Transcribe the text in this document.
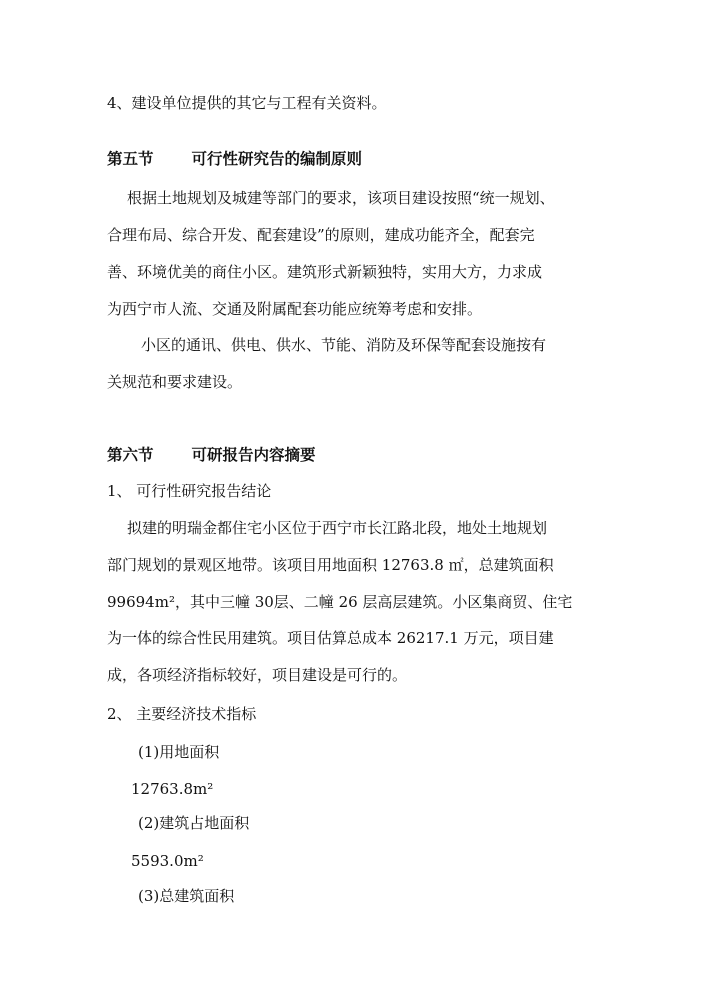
4、建设单位提供的其它与工程有关资料。
第五节 可行性研究告的编制原则
根据土地规划及城建等部门的要求，该项目建设按照“统一规划、
合理布局、综合开发、配套建设”的原则，建成功能齐全，配套完
善、环境优美的商住小区。建筑形式新颖独特，实用大方，力求成
为西宁市人流、交通及附属配套功能应统筹考虑和安排。
小区的通讯、供电、供水、节能、消防及环保等配套设施按有
关规范和要求建设。
第六节 可研报告内容摘要
1、 可行性研究报告结论
拟建的明瑞金都住宅小区位于西宁市长江路北段，地处土地规划
部门规划的景观区地带。该项目用地面积 12763.8 ㎡，总建筑面积
99694m²，其中三幢 30层、二幢 26 层高层建筑。小区集商贸、住宅
为一体的综合性民用建筑。项目估算总成本 26217.1 万元，项目建
成，各项经济指标较好，项目建设是可行的。
2、 主要经济技术指标
(1)用地面积
12763.8m²
(2)建筑占地面积
5593.0m²
(3)总建筑面积
